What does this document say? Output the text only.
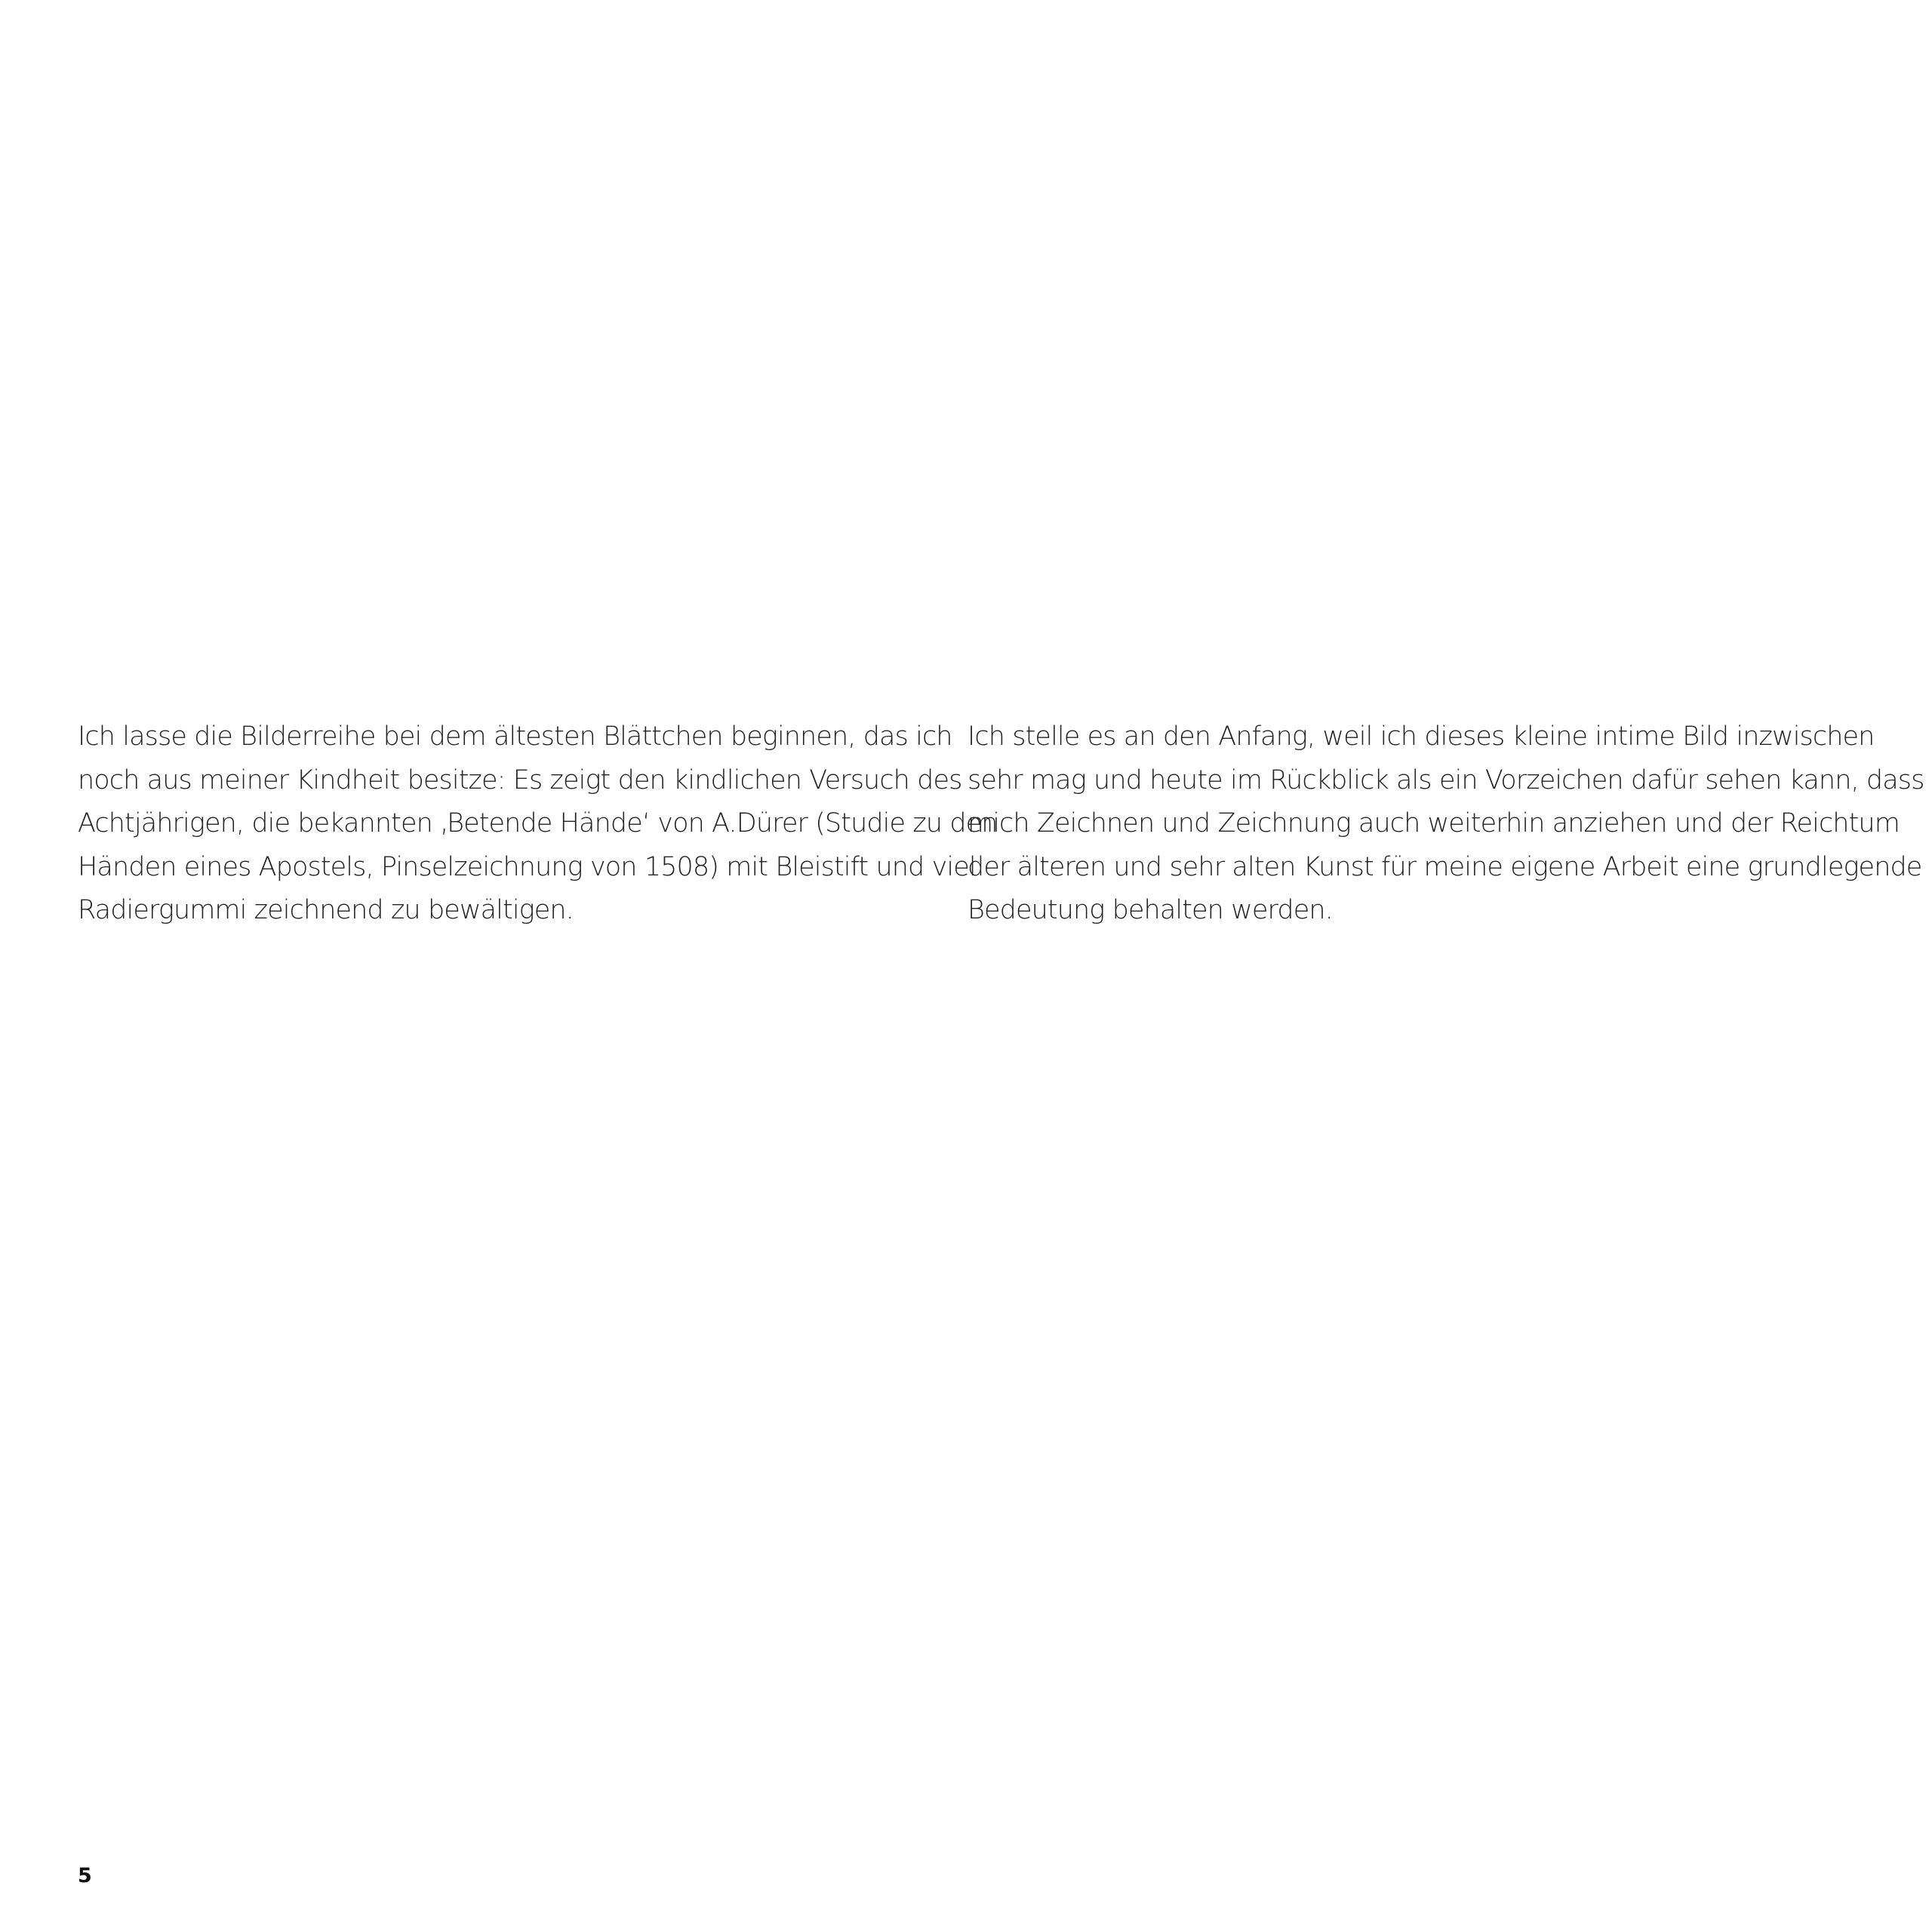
Ich lasse die Bilderreihe bei dem ältesten Blättchen beginnen, das ich
noch aus meiner Kindheit besitze: Es zeigt den kindlichen Versuch des
Achtjährigen, die bekannten ‚Betende Hände‘ von A.Dürer (Studie zu den
Händen eines Apostels, Pinselzeichnung von 1508) mit Bleistift und viel
Radiergummi zeichnend zu bewältigen.

Ich stelle es an den Anfang, weil ich dieses kleine intime Bild inzwischen
sehr mag und heute im Rückblick als ein Vorzeichen dafür sehen kann, dass
mich Zeichnen und Zeichnung auch weiterhin anziehen und der Reichtum
der älteren und sehr alten Kunst für meine eigene Arbeit eine grundlegende
Bedeutung behalten werden.

5
